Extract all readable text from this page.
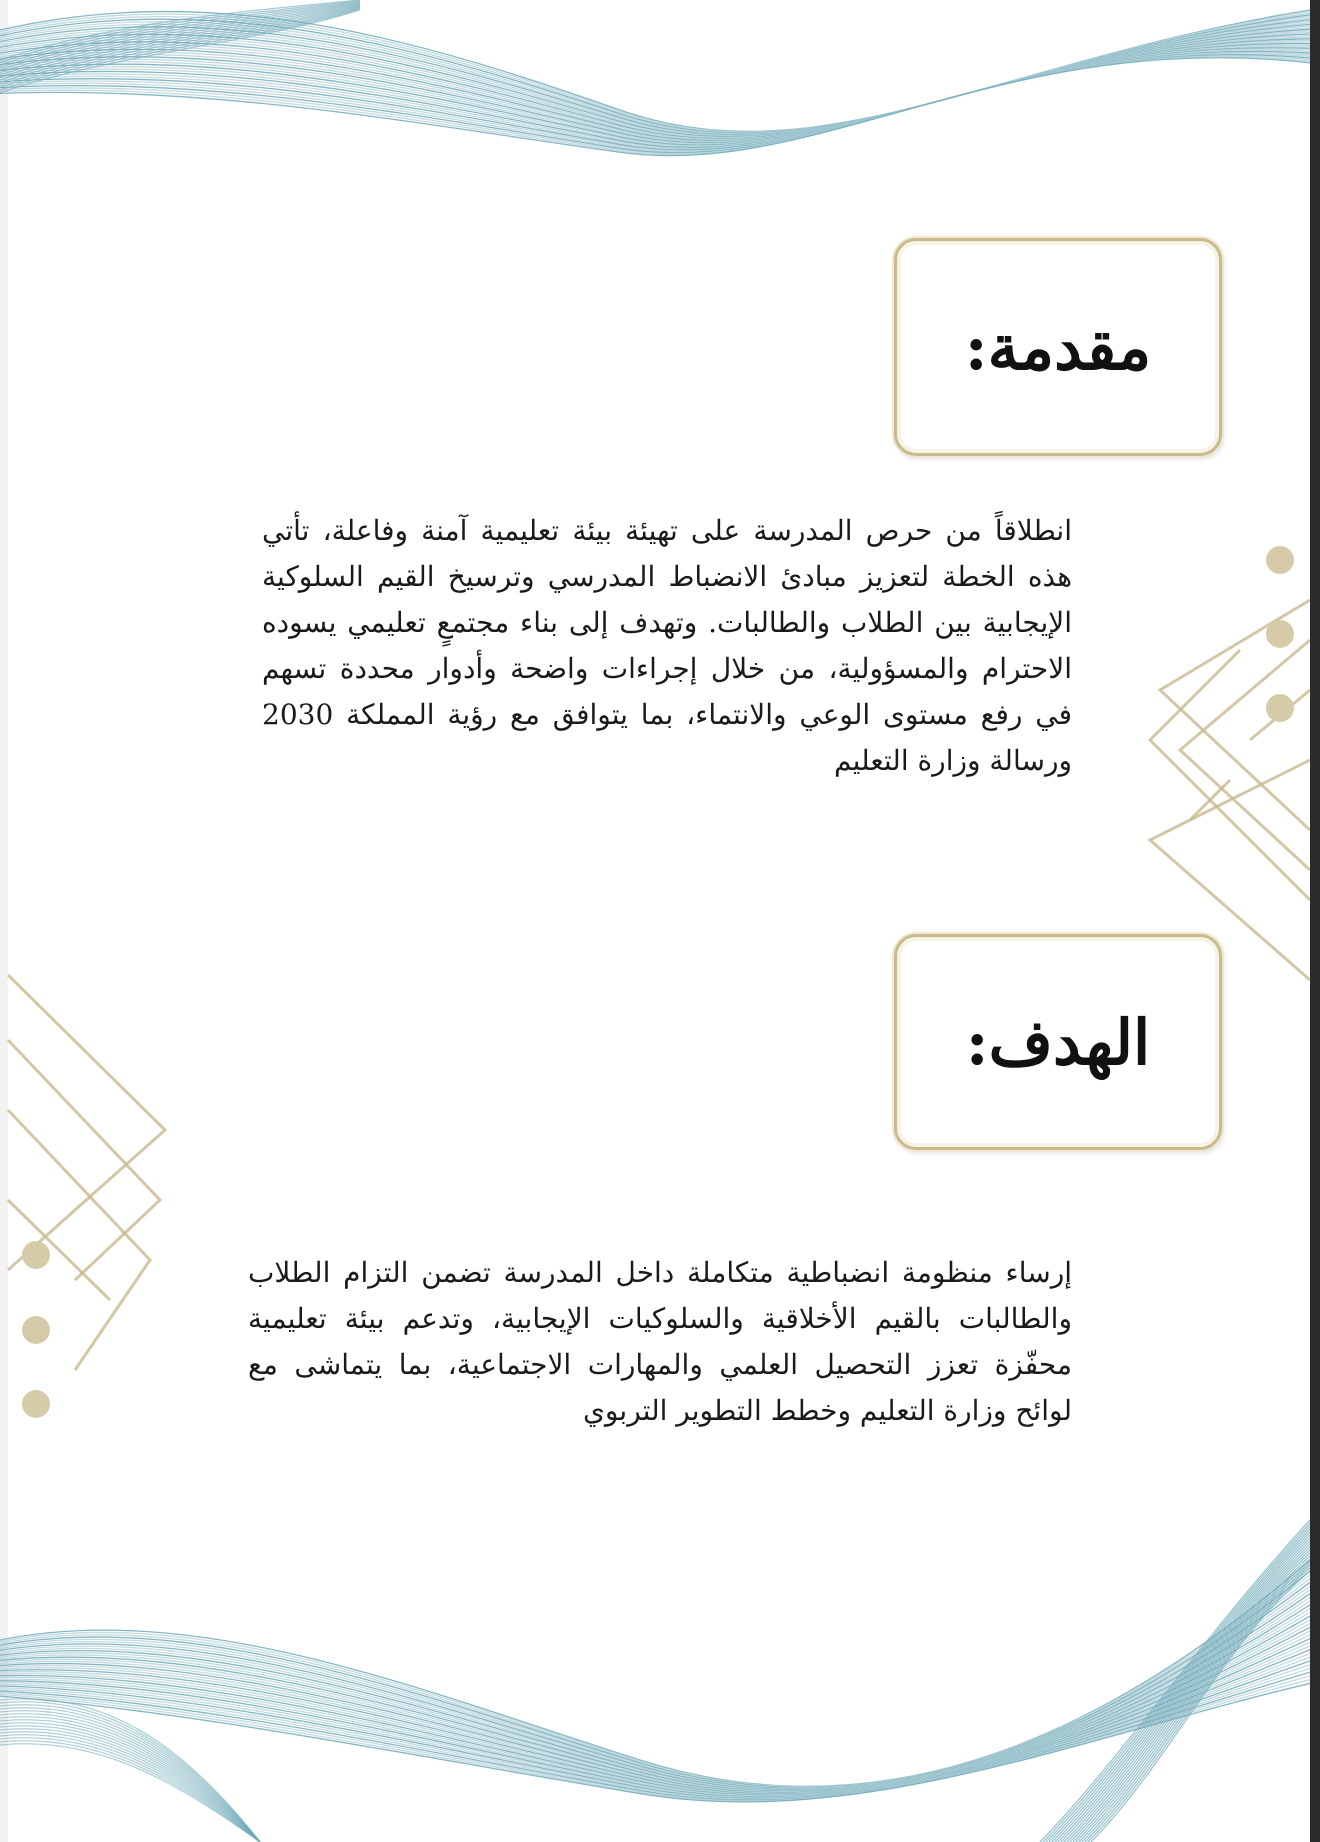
مقدمة:
انطلاقاً من حرص المدرسة على تهيئة بيئة تعليمية آمنة وفاعلة، تأتي هذه الخطة لتعزيز مبادئ الانضباط المدرسي وترسيخ القيم السلوكية الإيجابية بين الطلاب والطالبات. وتهدف إلى بناء مجتمعٍ تعليمي يسوده الاحترام والمسؤولية، من خلال إجراءات واضحة وأدوار محددة تسهم في رفع مستوى الوعي والانتماء، بما يتوافق مع رؤية المملكة 2030 ورسالة وزارة التعليم
الهدف:
إرساء منظومة انضباطية متكاملة داخل المدرسة تضمن التزام الطلاب والطالبات بالقيم الأخلاقية والسلوكيات الإيجابية، وتدعم بيئة تعليمية محفّزة تعزز التحصيل العلمي والمهارات الاجتماعية، بما يتماشى مع لوائح وزارة التعليم وخطط التطوير التربوي
